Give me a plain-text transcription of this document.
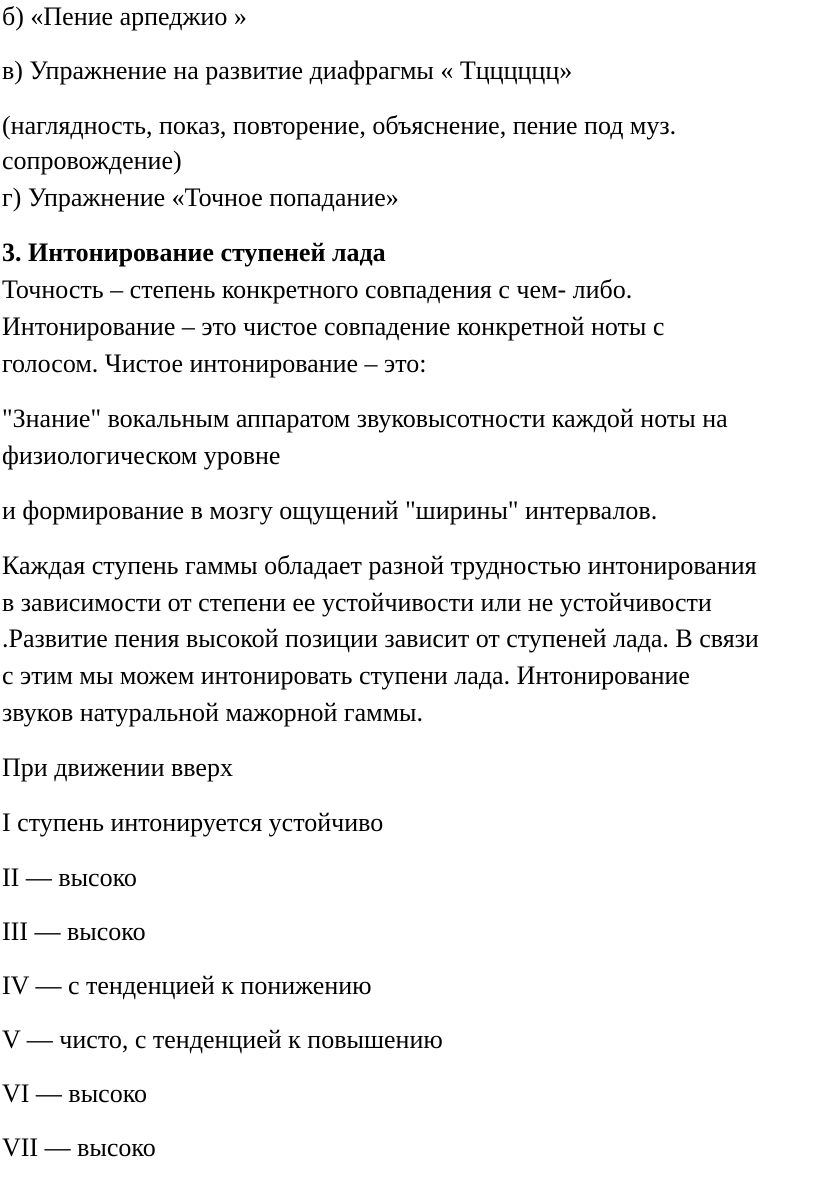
б) «Пение арпеджио »
в) Упражнение на развитие диафрагмы « Тцццццц»
(наглядность, показ, повторение, объяснение, пение под муз.
сопровождение)
г) Упражнение «Точное попадание»
3. Интонирование ступеней лада
Точность – степень конкретного совпадения с чем- либо.
Интонирование – это чистое совпадение конкретной ноты с
голосом. Чистое интонирование – это:
"Знание" вокальным аппаратом звуковысотности каждой ноты на
физиологическом уровне
и формирование в мозгу ощущений "ширины" интервалов.
Каждая ступень гаммы обладает разной трудностью интонирования
в зависимости от степени ее устойчивости или не устойчивости
.Развитие пения высокой позиции зависит от ступеней лада. В связи
с этим мы можем интонировать ступени лада. Интонирование
звуков натуральной мажорной гаммы.
При движении вверх
I ступень интонируется устойчиво
II — высоко
III — высоко
IV — с тенденцией к понижению
V — чисто, с тенденцией к повышению
VI — высоко
VII — высоко
